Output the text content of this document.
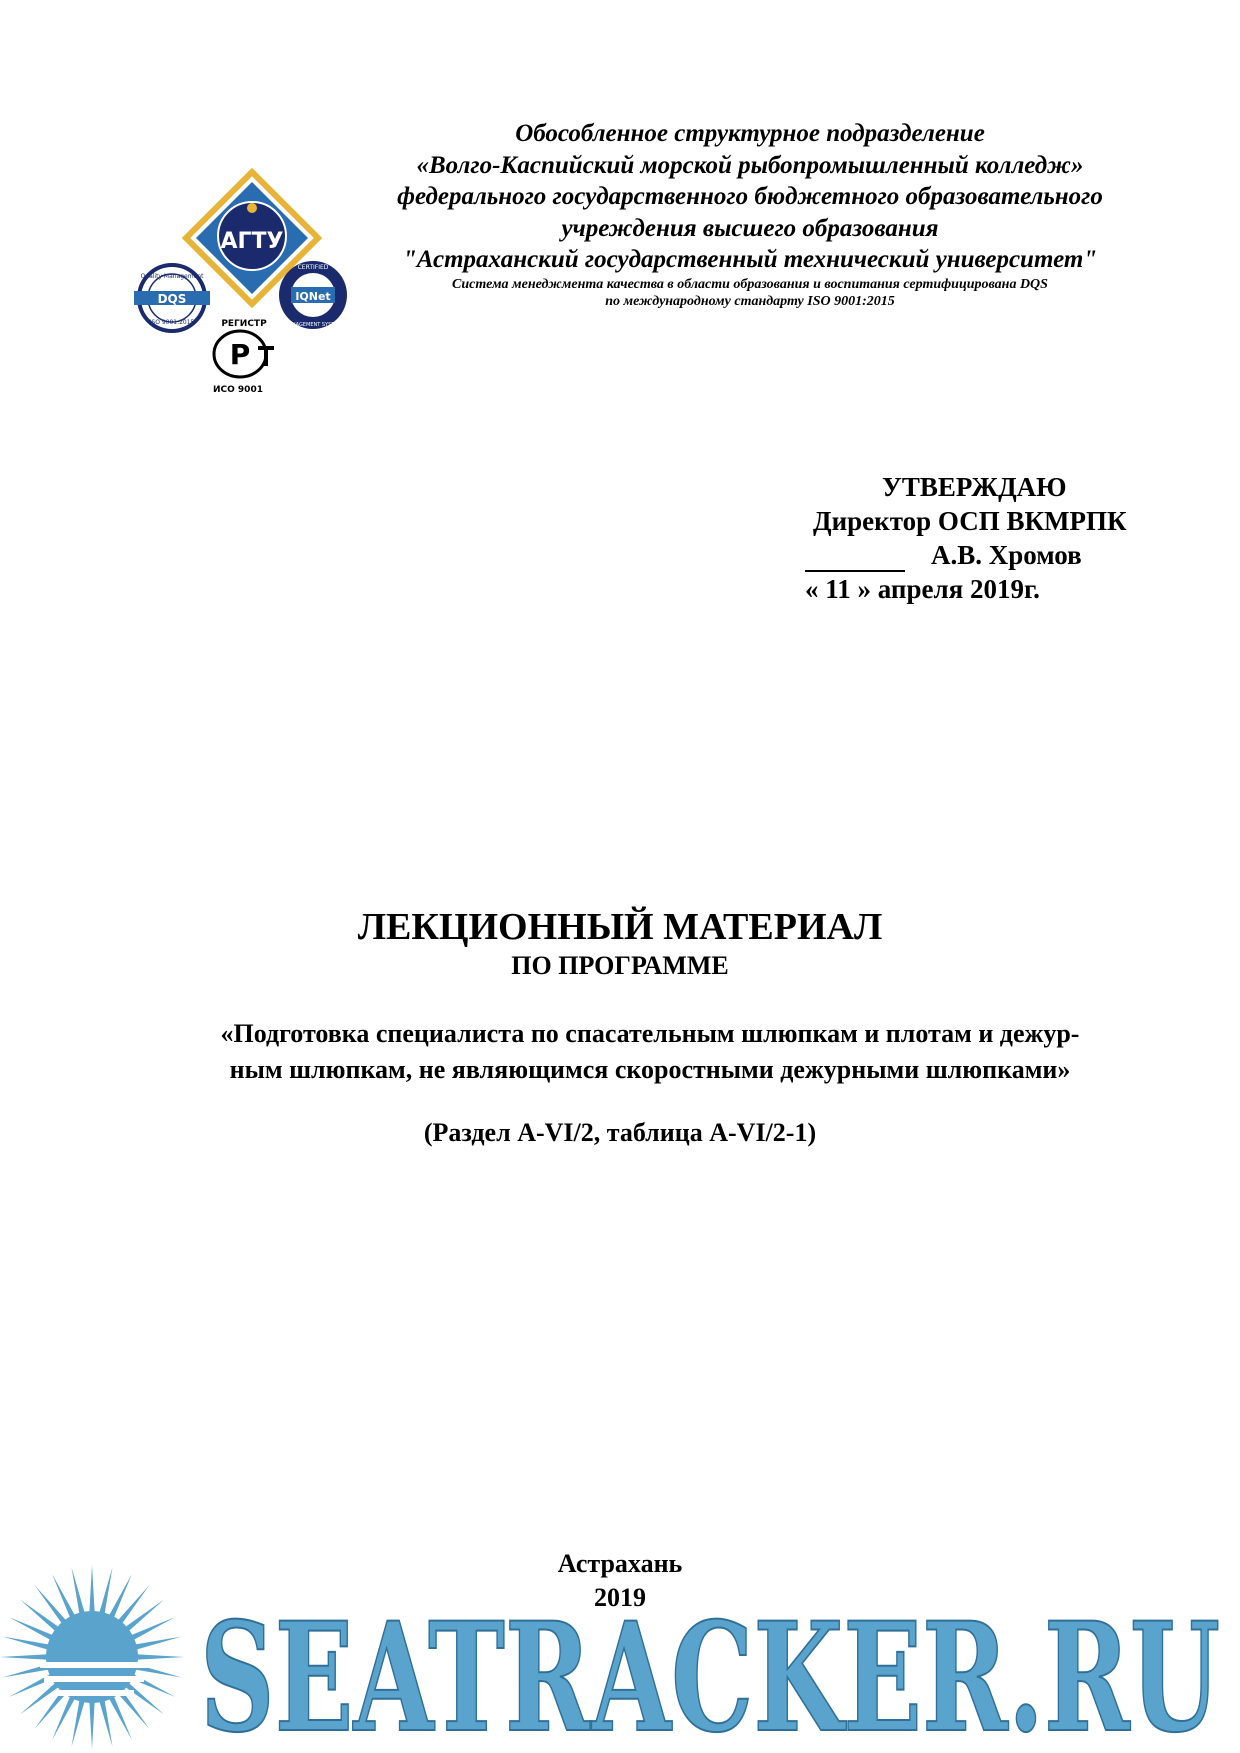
АГТУ
DQS
Quality Management
ISO 9001:2015
IQNet
CERTIFIED
MANAGEMENT SYSTEM
РЕГИСТР
Р
ИСО 9001
Обособленное структурное подразделение
«Волго-Каспийский морской рыбопромышленный колледж»
федерального государственного бюджетного образовательного
учреждения высшего образования
"Астраханский государственный технический университет"
Система менеджмента качества в области образования и воспитания сертифицирована DQS
по международному стандарту ISO 9001:2015
УТВЕРЖДАЮ
Директор ОСП ВКМРПК
А.В. Хромов
« 11 » апреля 2019г.
ЛЕКЦИОННЫЙ МАТЕРИАЛ
ПО ПРОГРАММЕ
«Подготовка специалиста по спасательным шлюпкам и плотам и дежур-
ным шлюпкам, не являющимся скоростными дежурными шлюпками»
(Раздел А-VI/2, таблица А-VI/2-1)
Астрахань
2019
SEATRACKER.RU
